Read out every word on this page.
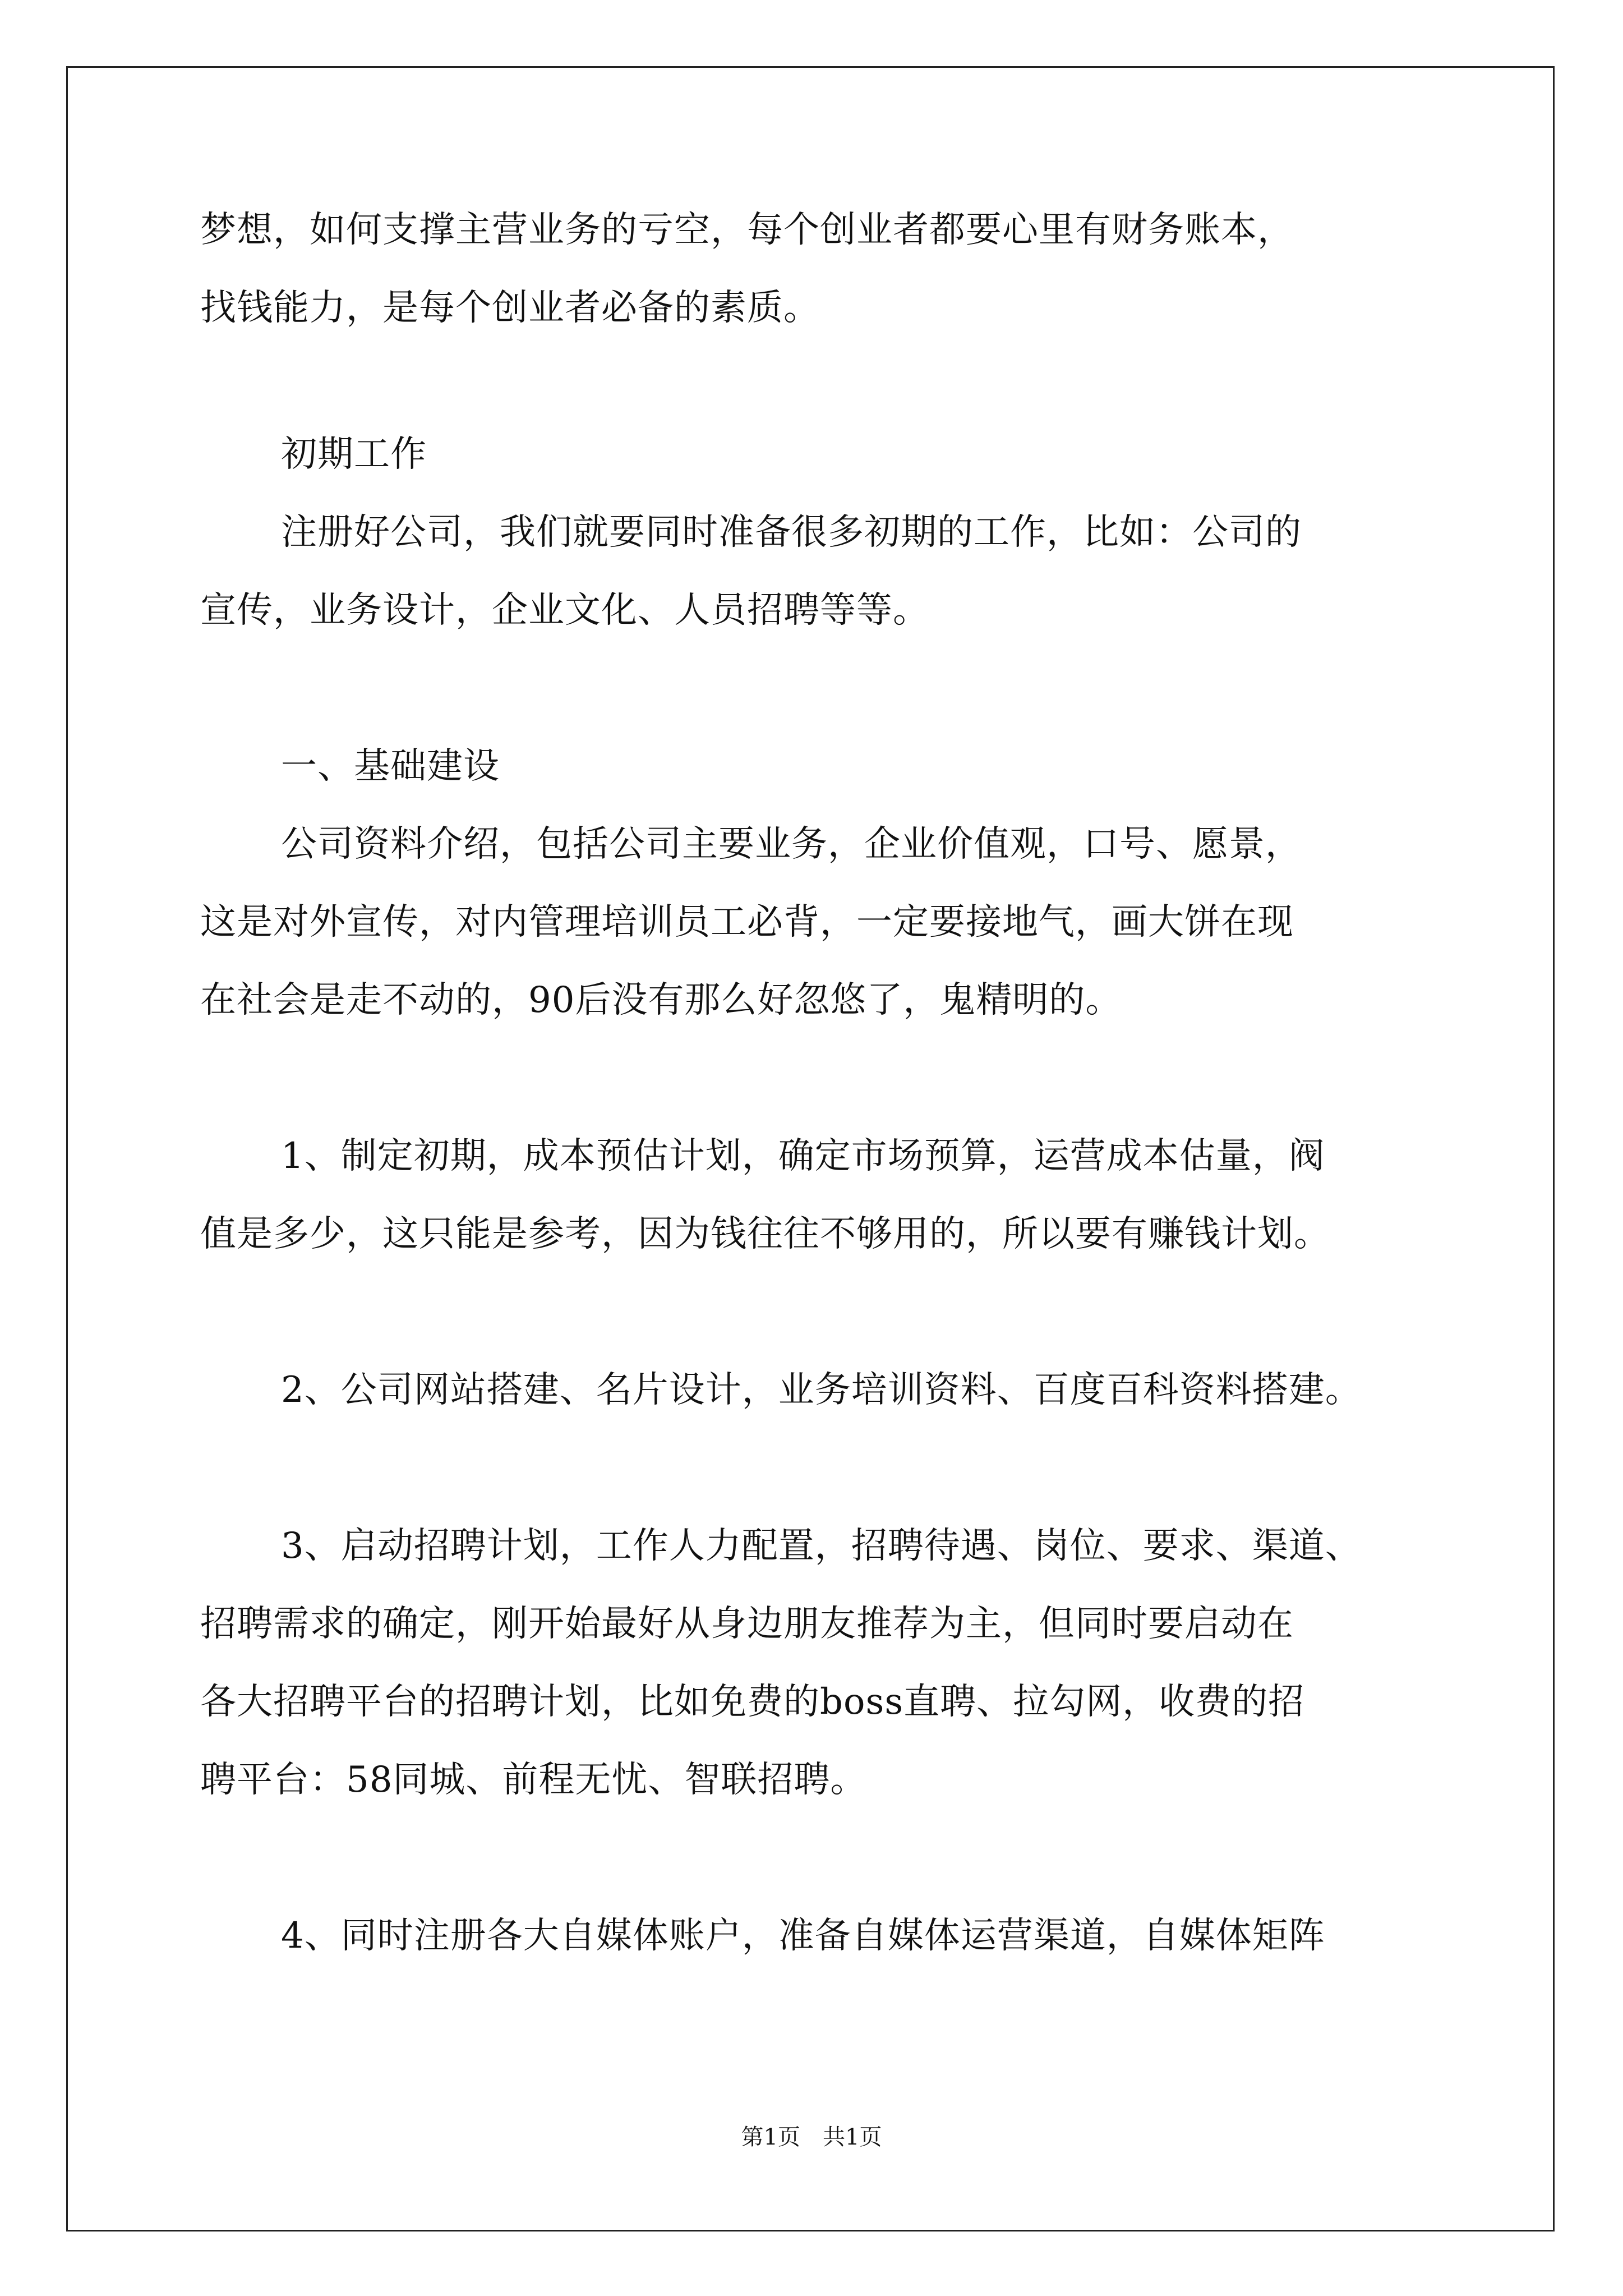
梦想，如何支撑主营业务的亏空，每个创业者都要心里有财务账本，
找钱能力，是每个创业者必备的素质。
初期工作
注册好公司，我们就要同时准备很多初期的工作，比如：公司的
宣传，业务设计，企业文化、人员招聘等等。
一、基础建设
公司资料介绍，包括公司主要业务，企业价值观，口号、愿景，
这是对外宣传，对内管理培训员工必背，一定要接地气，画大饼在现
在社会是走不动的，90后没有那么好忽悠了，鬼精明的。
1、制定初期，成本预估计划，确定市场预算，运营成本估量，阀
值是多少，这只能是参考，因为钱往往不够用的，所以要有赚钱计划。
2、公司网站搭建、名片设计，业务培训资料、百度百科资料搭建。
3、启动招聘计划，工作人力配置，招聘待遇、岗位、要求、渠道、
招聘需求的确定，刚开始最好从身边朋友推荐为主，但同时要启动在
各大招聘平台的招聘计划，比如免费的boss直聘、拉勾网，收费的招
聘平台：58同城、前程无忧、智联招聘。
4、同时注册各大自媒体账户，准备自媒体运营渠道，自媒体矩阵
第1页　共1页
